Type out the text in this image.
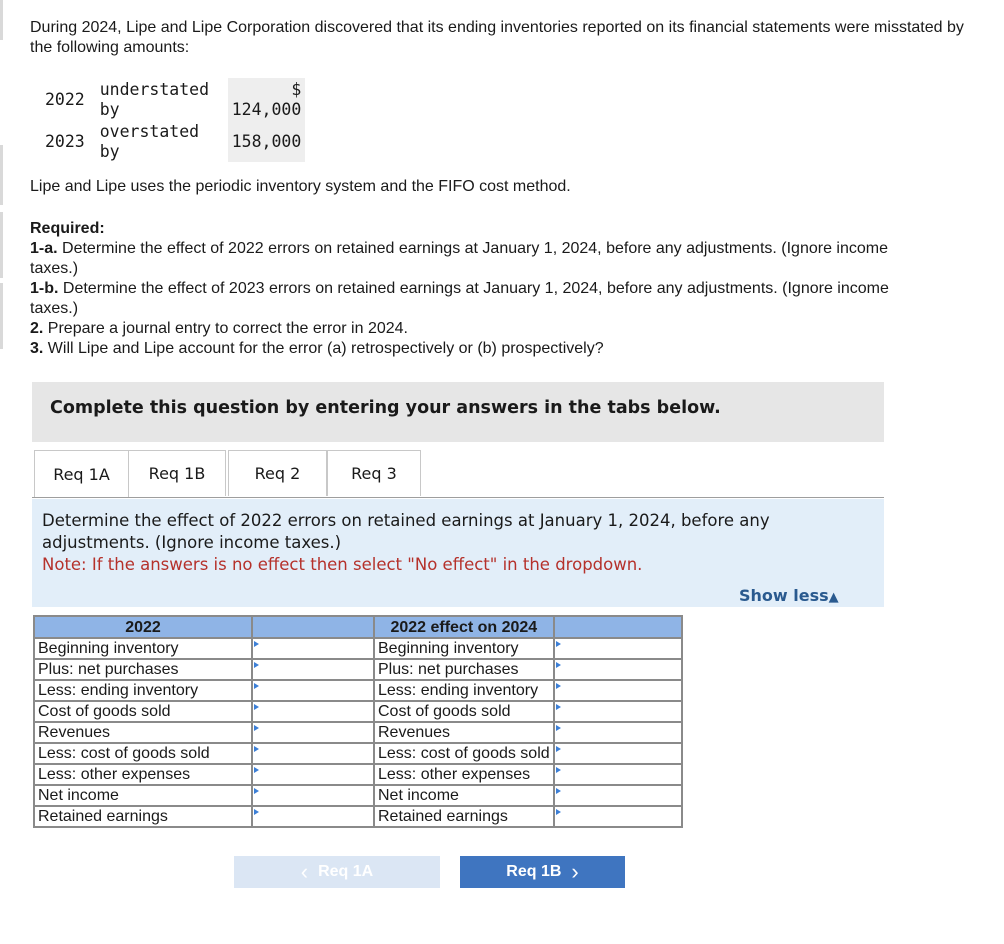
During 2024, Lipe and Lipe Corporation discovered that its ending inventories reported on its financial statements were misstated by the following amounts:
2022	understated by	$ 124,000
2023	overstated by	158,000
Lipe and Lipe uses the periodic inventory system and the FIFO cost method.

Required:

1-a. Determine the effect of 2022 errors on retained earnings at January 1, 2024, before any adjustments. (Ignore income taxes.)

1-b. Determine the effect of 2023 errors on retained earnings at January 1, 2024, before any adjustments. (Ignore income taxes.)

2. Prepare a journal entry to correct the error in 2024.

3. Will Lipe and Lipe account for the error (a) retrospectively or (b) prospectively?

Complete this question by entering your answers in the tabs below.
Req 1A	Req 1B	Req 2	Req 3
Determine the effect of 2022 errors on retained earnings at January 1, 2024, before any adjustments. (Ignore income taxes.)
Note: If the answers is no effect then select "No effect" in the dropdown.
Show less▲
2022		2022 effect on 2024	
Beginning inventory		Beginning inventory	
Plus: net purchases		Plus: net purchases	
Less: ending inventory		Less: ending inventory	
Cost of goods sold		Cost of goods sold	
Revenues		Revenues	
Less: cost of goods sold		Less: cost of goods sold	
Less: other expenses		Less: other expenses	
Net income		Net income	
Retained earnings		Retained earnings	
‹ Req 1A	Req 1B ›
